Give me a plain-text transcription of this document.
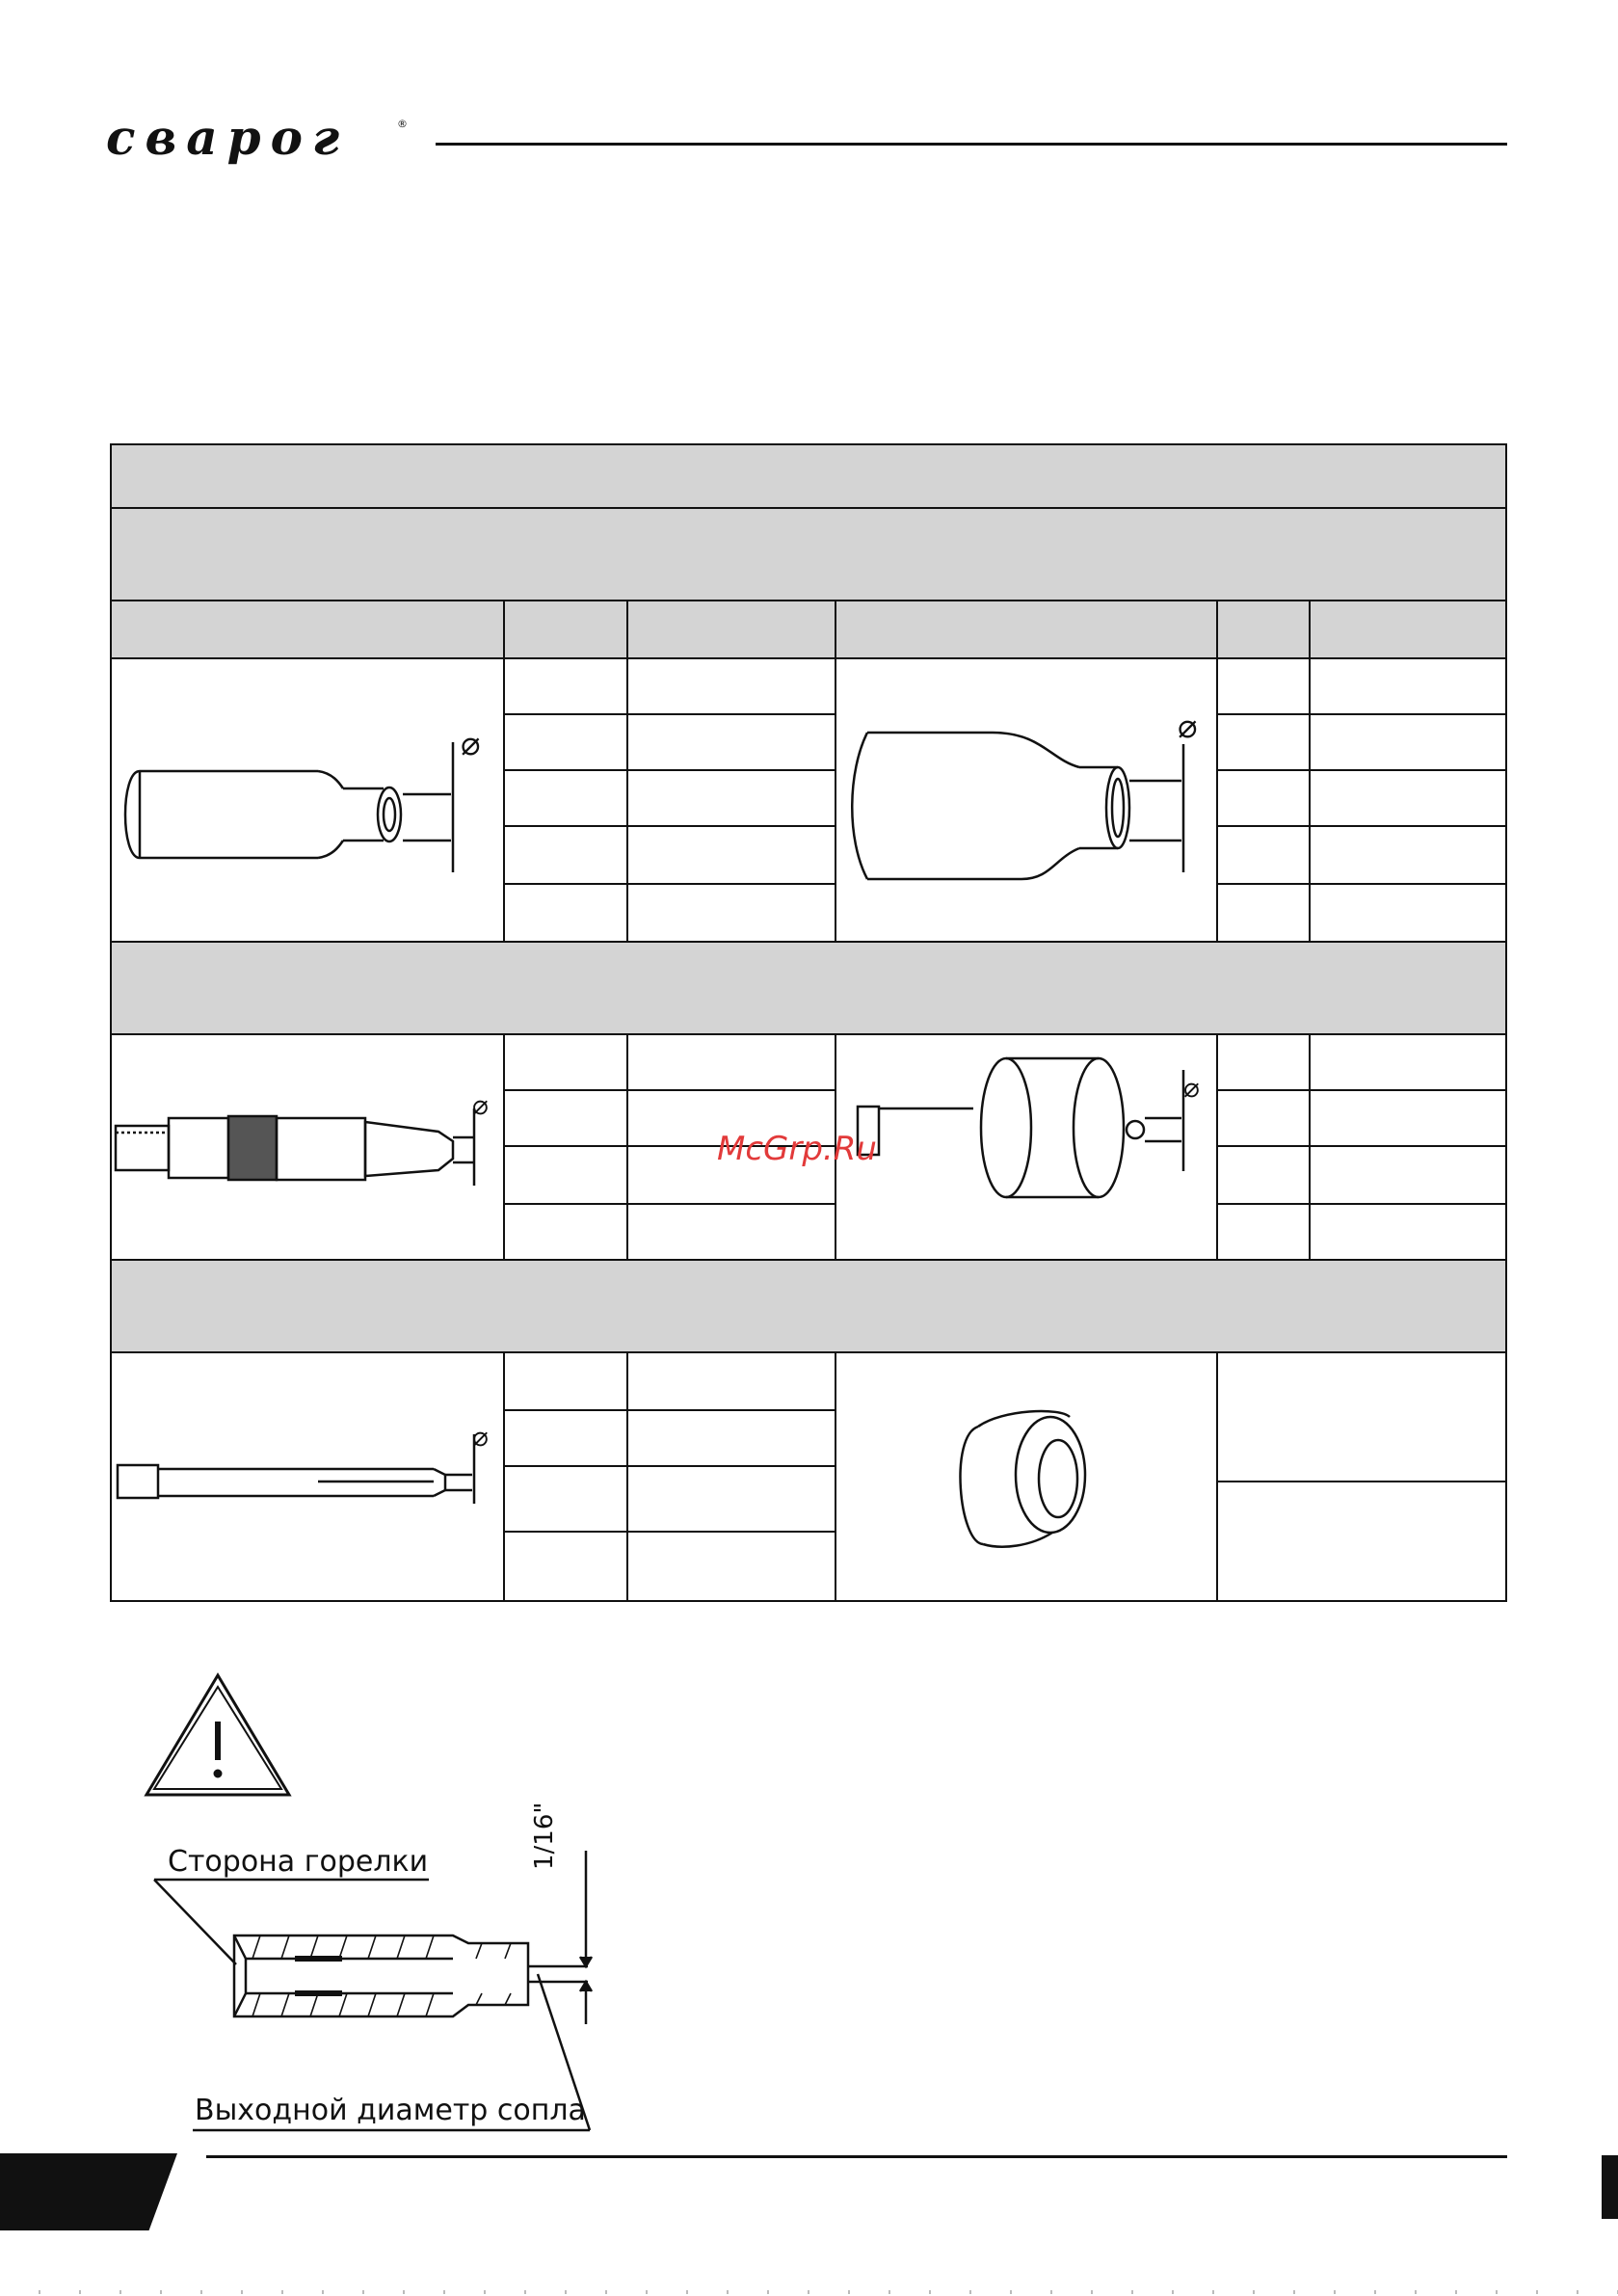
сварог	®
⌀	⌀
⌀
⌀
⌀
McGrp.Ru
Сторона горелки
Выходной диаметр сопла
1/16"
